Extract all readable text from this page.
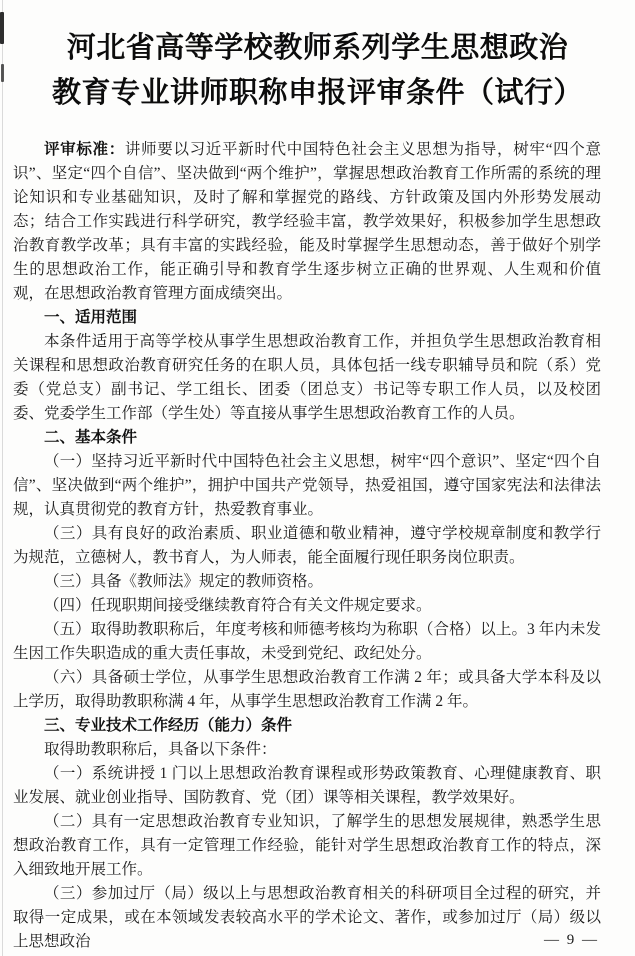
河北省高等学校教师系列学生思想政治
教育专业讲师职称申报评审条件（试行）

评审标准：讲师要以习近平新时代中国特色社会主义思想为指导，树牢“四个意识”、坚定“四个自信”、坚决做到“两个维护”，掌握思想政治教育工作所需的系统的理论知识和专业基础知识，及时了解和掌握党的路线、方针政策及国内外形势发展动态；结合工作实践进行科学研究，教学经验丰富，教学效果好，积极参加学生思想政治教育教学改革；具有丰富的实践经验，能及时掌握学生思想动态，善于做好个别学生的思想政治工作，能正确引导和教育学生逐步树立正确的世界观、人生观和价值观，在思想政治教育管理方面成绩突出。

一、适用范围

本条件适用于高等学校从事学生思想政治教育工作，并担负学生思想政治教育相关课程和思想政治教育研究任务的在职人员，具体包括一线专职辅导员和院（系）党委（党总支）副书记、学工组长、团委（团总支）书记等专职工作人员，以及校团委、党委学生工作部（学生处）等直接从事学生思想政治教育工作的人员。

二、基本条件

（一）坚持习近平新时代中国特色社会主义思想，树牢“四个意识”、坚定“四个自信”、坚决做到“两个维护”，拥护中国共产党领导，热爱祖国，遵守国家宪法和法律法规，认真贯彻党的教育方针，热爱教育事业。

（三）具有良好的政治素质、职业道德和敬业精神，遵守学校规章制度和教学行为规范，立德树人，教书育人，为人师表，能全面履行现任职务岗位职责。

（三）具备《教师法》规定的教师资格。

（四）任现职期间接受继续教育符合有关文件规定要求。

（五）取得助教职称后，年度考核和师德考核均为称职（合格）以上。3 年内未发生因工作失职造成的重大责任事故，未受到党纪、政纪处分。

（六）具备硕士学位，从事学生思想政治教育工作满 2 年；或具备大学本科及以上学历，取得助教职称满 4 年，从事学生思想政治教育工作满 2 年。

三、专业技术工作经历（能力）条件

取得助教职称后，具备以下条件：

（一）系统讲授 1 门以上思想政治教育课程或形势政策教育、心理健康教育、职业发展、就业创业指导、国防教育、党（团）课等相关课程，教学效果好。

（二）具有一定思想政治教育专业知识，了解学生的思想发展规律，熟悉学生思想政治教育工作，具有一定管理工作经验，能针对学生思想政治教育工作的特点，深入细致地开展工作。

（三）参加过厅（局）级以上与思想政治教育相关的科研项目全过程的研究，并取得一定成果，或在本领域发表较高水平的学术论文、著作，或参加过厅（局）级以上思想政治	— 9 —
